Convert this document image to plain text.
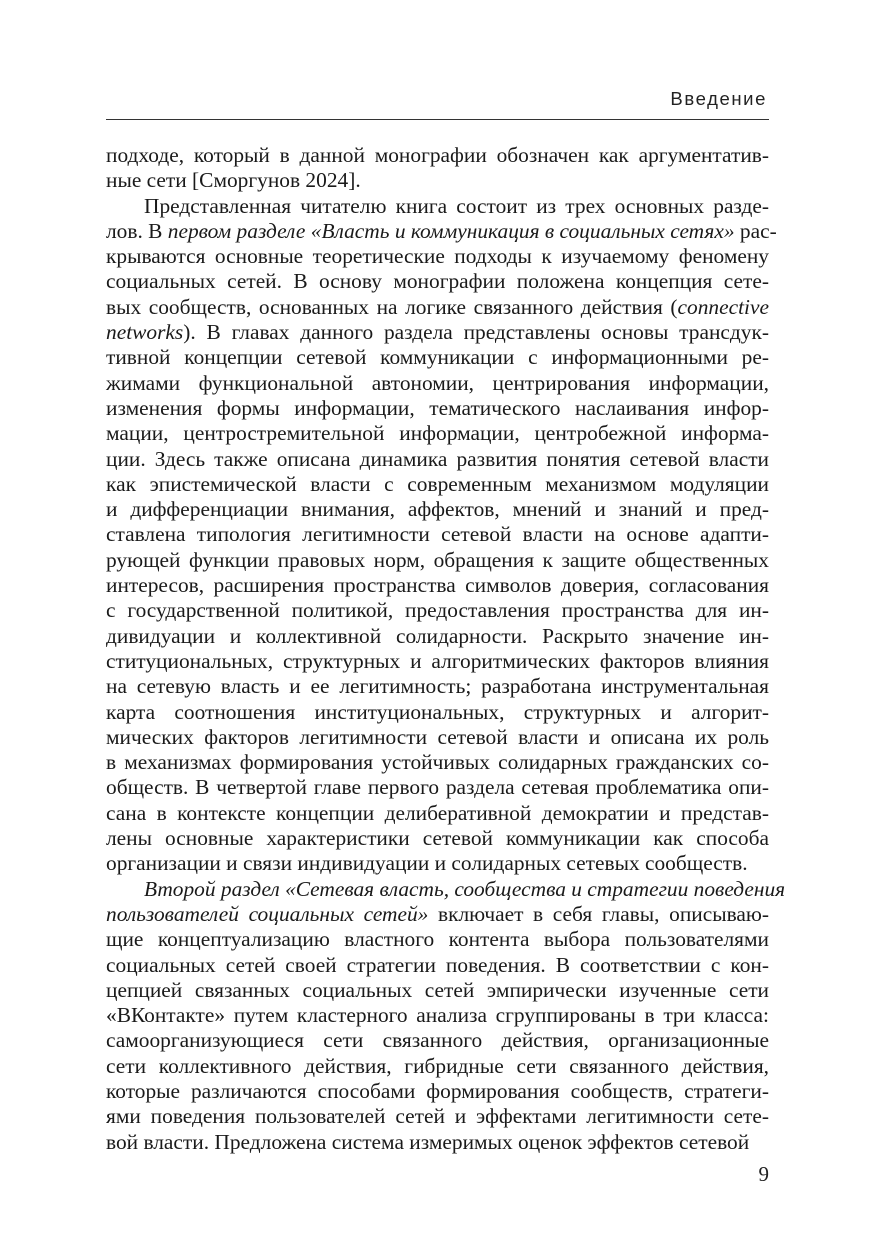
Введение
подходе, который в данной монографии обозначен как аргументатив-
ные сети [Сморгунов 2024].
Представленная читателю книга состоит из трех основных разде-
лов. В первом разделе «Власть и коммуникация в социальных сетях» рас-
крываются основные теоретические подходы к изучаемому феномену
социальных сетей. В основу монографии положена концепция сете-
вых сообществ, основанных на логике связанного действия (connective
networks). В главах данного раздела представлены основы трансдук-
тивной концепции сетевой коммуникации с информационными ре-
жимами функциональной автономии, центрирования информации,
изменения формы информации, тематического наслаивания инфор-
мации, центростремительной информации, центробежной информа-
ции. Здесь также описана динамика развития понятия сетевой власти
как эпистемической власти с современным механизмом модуляции
и дифференциации внимания, аффектов, мнений и знаний и пред-
ставлена типология легитимности сетевой власти на основе адапти-
рующей функции правовых норм, обращения к защите общественных
интересов, расширения пространства символов доверия, согласования
с государственной политикой, предоставления пространства для ин-
дивидуации и коллективной солидарности. Раскрыто значение ин-
ституциональных, структурных и алгоритмических факторов влияния
на сетевую власть и ее легитимность; разработана инструментальная
карта соотношения институциональных, структурных и алгорит-
мических факторов легитимности сетевой власти и описана их роль
в механизмах формирования устойчивых солидарных гражданских со-
обществ. В четвертой главе первого раздела сетевая проблематика опи-
сана в контексте концепции делиберативной демократии и представ-
лены основные характеристики сетевой коммуникации как способа
организации и связи индивидуации и солидарных сетевых сообществ.
Второй раздел «Сетевая власть, сообщества и стратегии поведения
пользователей социальных сетей» включает в себя главы, описываю-
щие концептуализацию властного контента выбора пользователями
социальных сетей своей стратегии поведения. В соответствии с кон-
цепцией связанных социальных сетей эмпирически изученные сети
«ВКонтакте» путем кластерного анализа сгруппированы в три класса:
самоорганизующиеся сети связанного действия, организационные
сети коллективного действия, гибридные сети связанного действия,
которые различаются способами формирования сообществ, стратеги-
ями поведения пользователей сетей и эффектами легитимности сете-
вой власти. Предложена система измеримых оценок эффектов сетевой
9
